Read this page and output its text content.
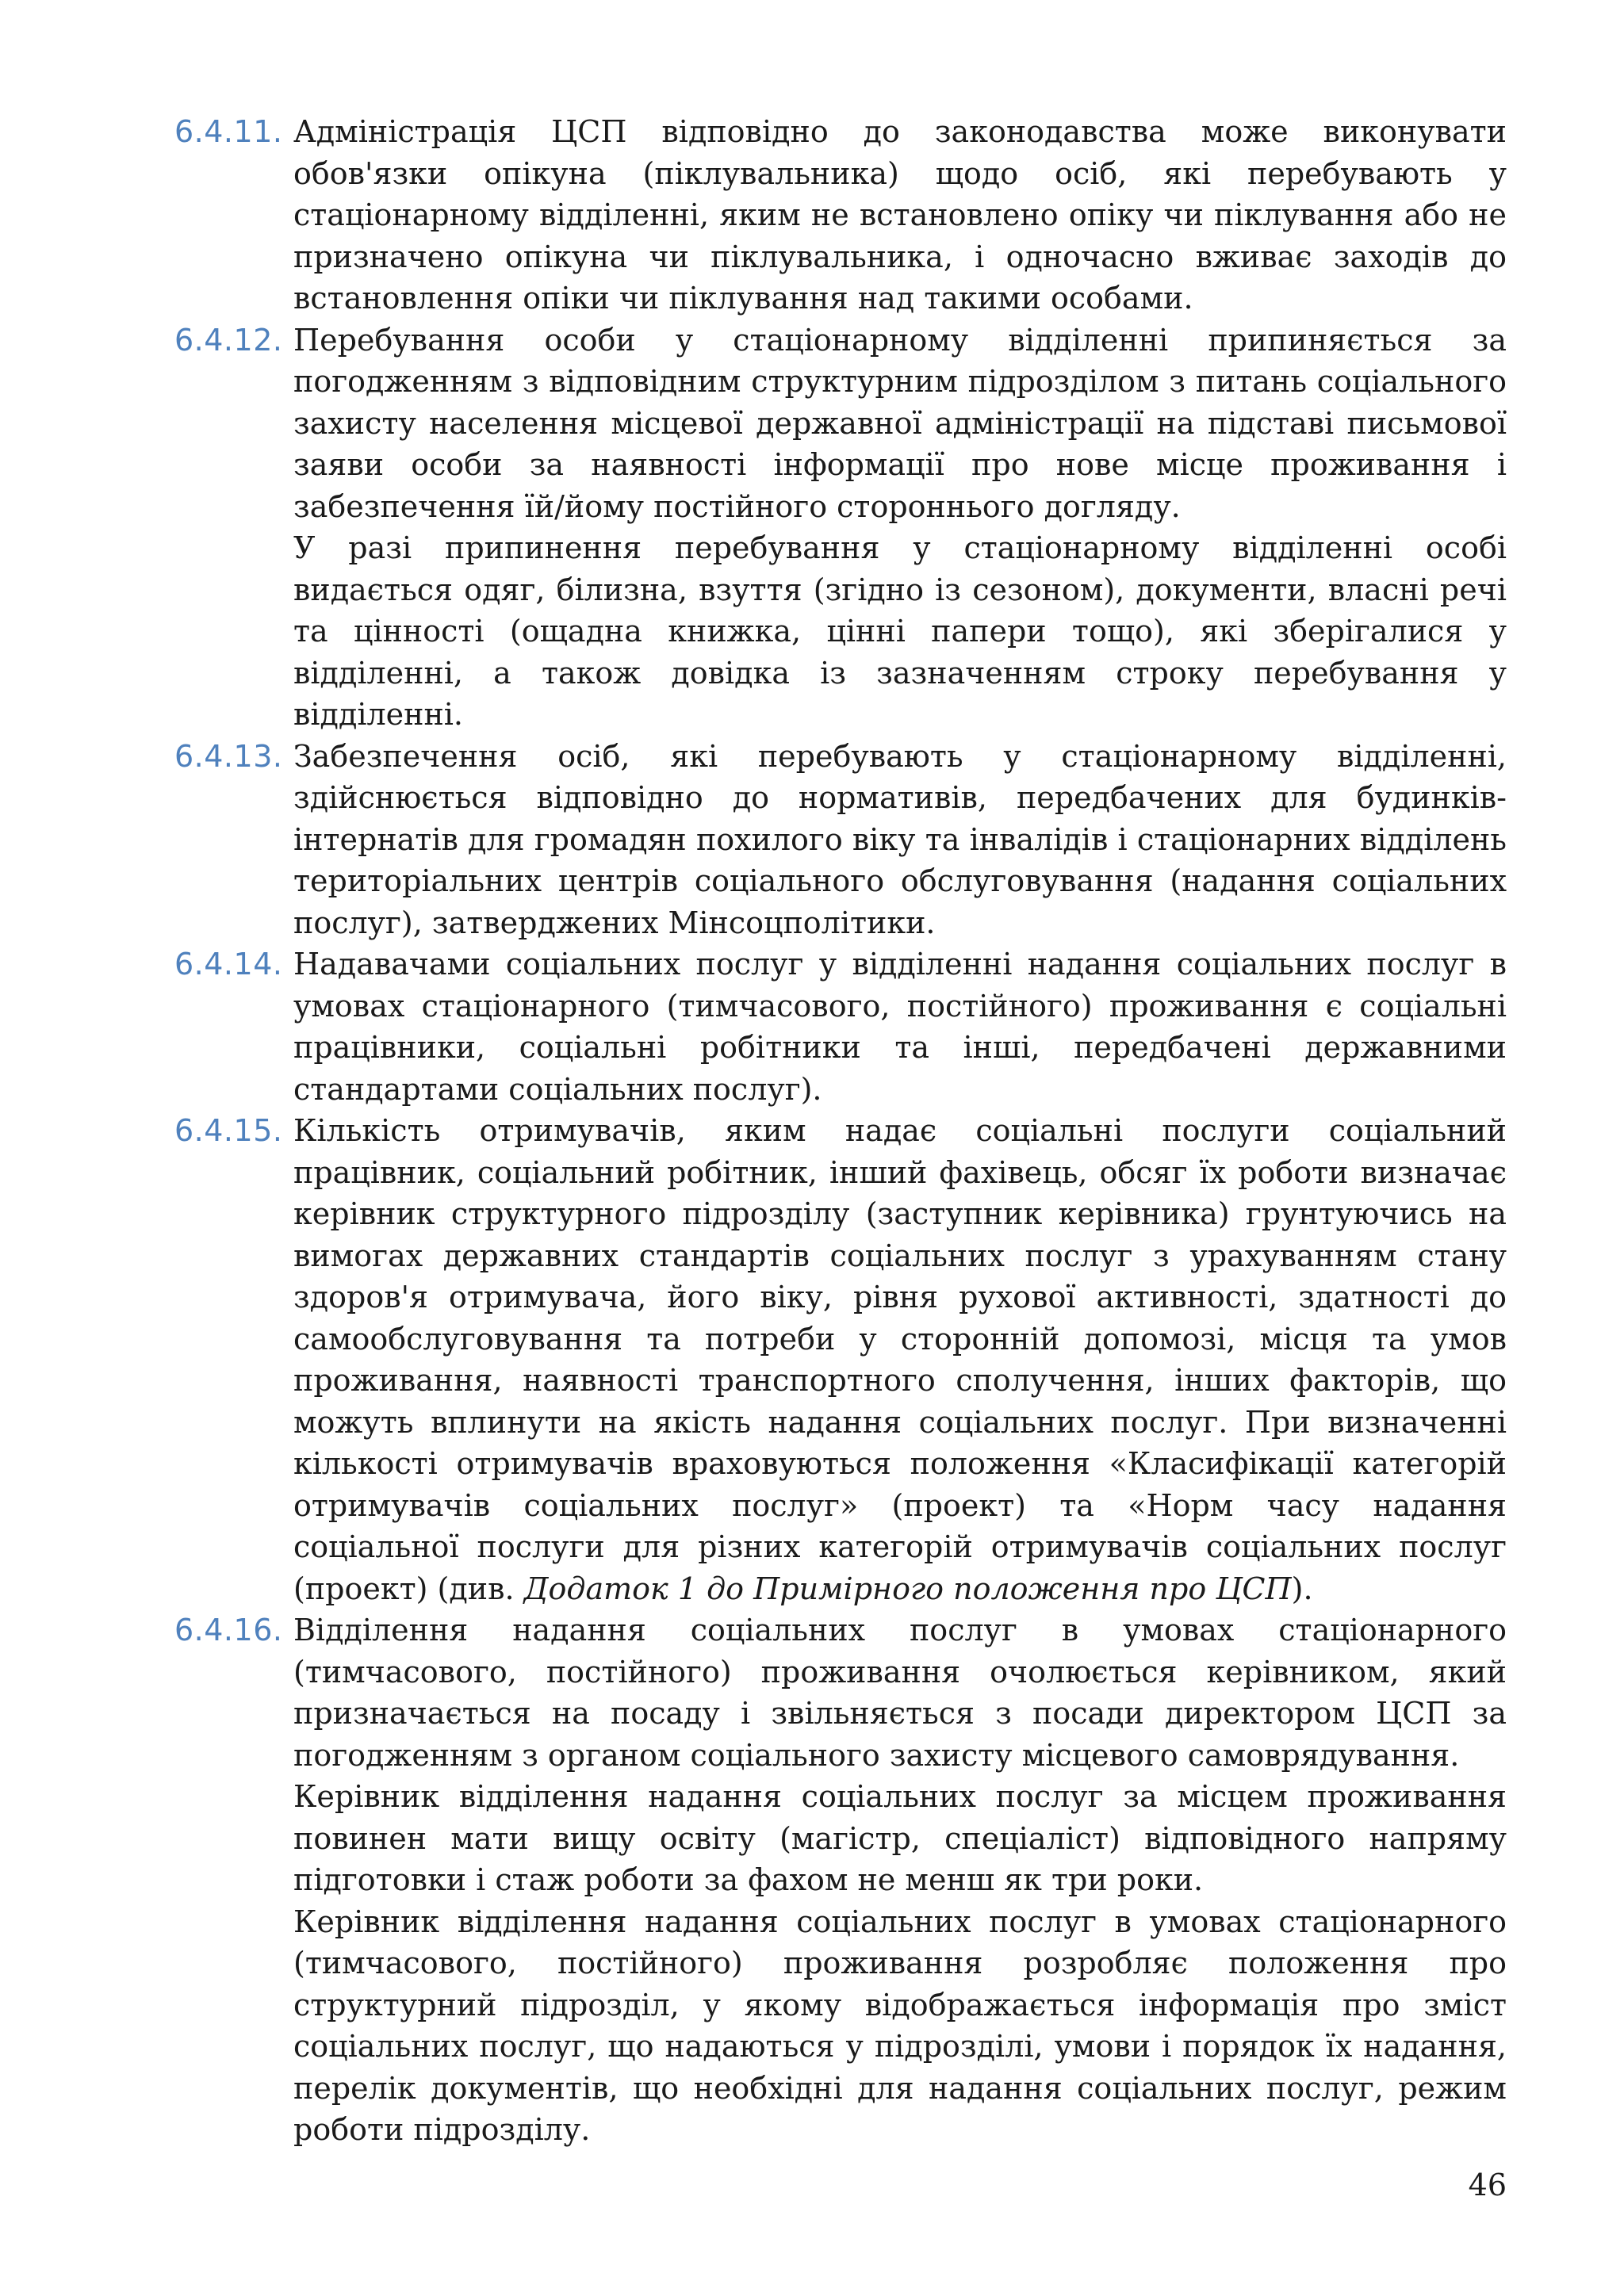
6.4.11. Адміністрація ЦСП відповідно до законодавства може виконувати обов'язки опікуна (піклувальника) щодо осіб, які перебувають у стаціонарному відділенні, яким не встановлено опіку чи піклування або не призначено опікуна чи піклувальника, і одночасно вживає заходів до встановлення опіки чи піклування над такими особами.

6.4.12. Перебування особи у стаціонарному відділенні припиняється за погодженням з відповідним структурним підрозділом з питань соціального захисту населення місцевої державної адміністрації на підставі письмової заяви особи за наявності інформації про нове місце проживання і забезпечення їй/йому постійного стороннього догляду.

У разі припинення перебування у стаціонарному відділенні особі видається одяг, білизна, взуття (згідно із сезоном), документи, власні речі та цінності (ощадна книжка, цінні папери тощо), які зберігалися у відділенні, а також довідка із зазначенням строку перебування у відділенні.

6.4.13. Забезпечення осіб, які перебувають у стаціонарному відділенні, здійснюється відповідно до нормативів, передбачених для будинків-інтернатів для громадян похилого віку та інвалідів і стаціонарних відділень територіальних центрів соціального обслуговування (надання соціальних послуг), затверджених Мінсоцполітики.

6.4.14. Надавачами соціальних послуг у відділенні надання соціальних послуг в умовах стаціонарного (тимчасового, постійного) проживання є соціальні працівники, соціальні робітники та інші, передбачені державними стандартами соціальних послуг).

6.4.15. Кількість отримувачів, яким надає соціальні послуги соціальний працівник, соціальний робітник, інший фахівець, обсяг їх роботи визначає керівник структурного підрозділу (заступник керівника) грунтуючись на вимогах державних стандартів соціальних послуг з урахуванням стану здоров'я отримувача, його віку, рівня рухової активності, здатності до самообслуговування та потреби у сторонній допомозі, місця та умов проживання, наявності транспортного сполучення, інших факторів, що можуть вплинути на якість надання соціальних послуг. При визначенні кількості отримувачів враховуються положення «Класифікації категорій отримувачів соціальних послуг» (проект) та «Норм часу надання соціальної послуги для різних категорій отримувачів соціальних послуг (проект) (див. Додаток 1 до Примірного положення про ЦСП).

6.4.16. Відділення надання соціальних послуг в умовах стаціонарного (тимчасового, постійного) проживання очолюється керівником, який призначається на посаду і звільняється з посади директором ЦСП за погодженням з органом соціального захисту місцевого самоврядування.

Керівник відділення надання соціальних послуг за місцем проживання повинен мати вищу освіту (магістр, спеціаліст) відповідного напряму підготовки і стаж роботи за фахом не менш як три роки.

Керівник відділення надання соціальних послуг в умовах стаціонарного (тимчасового, постійного) проживання розробляє положення про структурний підрозділ, у якому відображається інформація про зміст соціальних послуг, що надаються у підрозділі, умови і порядок їх надання, перелік документів, що необхідні для надання соціальних послуг, режим роботи підрозділу.

46
